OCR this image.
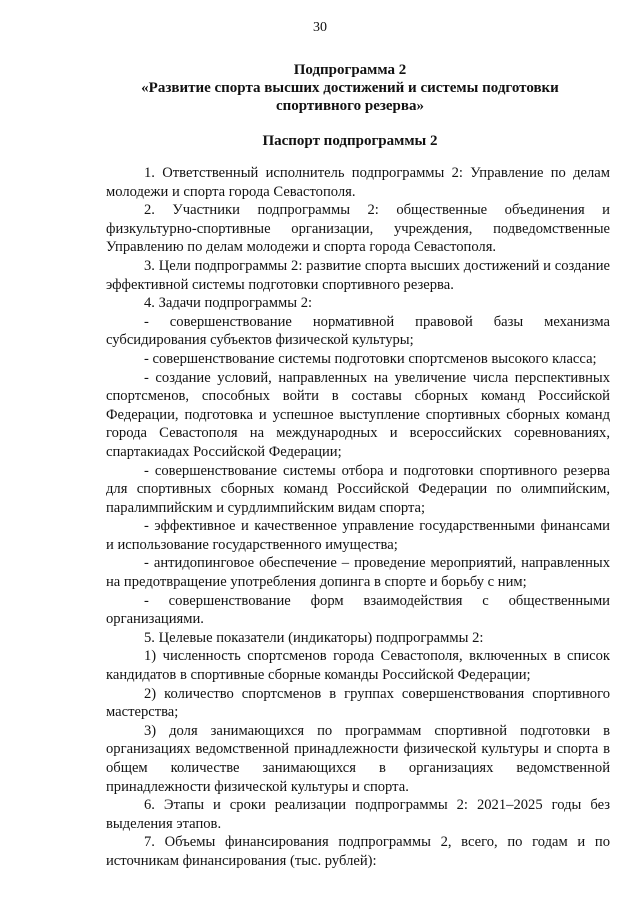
30
Подпрограмма 2
«Развитие спорта высших достижений и системы подготовки
спортивного резерва»
Паспорт подпрограммы 2

1. Ответственный исполнитель подпрограммы 2: Управление по делам молодежи и спорта города Севастополя.

2. Участники подпрограммы 2: общественные объединения и физкультурно-спортивные организации, учреждения, подведомственные Управлению по делам молодежи и спорта города Севастополя.

3. Цели подпрограммы 2: развитие спорта высших достижений и создание эффективной системы подготовки спортивного резерва.

4. Задачи подпрограммы 2:

- совершенствование нормативной правовой базы механизма субсидирования субъектов физической культуры;

- совершенствование системы подготовки спортсменов высокого класса;

- создание условий, направленных на увеличение числа перспективных спортсменов, способных войти в составы сборных команд Российской Федерации, подготовка и успешное выступление спортивных сборных команд города Севастополя на международных и всероссийских соревнованиях, спартакиадах Российской Федерации;

- совершенствование системы отбора и подготовки спортивного резерва для спортивных сборных команд Российской Федерации по олимпийским, паралимпийским и сурдлимпийским видам спорта;

- эффективное и качественное управление государственными финансами и использование государственного имущества;

- антидопинговое обеспечение – проведение мероприятий, направленных на предотвращение употребления допинга в спорте и борьбу с ним;

- совершенствование форм взаимодействия с общественными организациями.

5. Целевые показатели (индикаторы) подпрограммы 2:

1) численность спортсменов города Севастополя, включенных в список кандидатов в спортивные сборные команды Российской Федерации;

2) количество спортсменов в группах совершенствования спортивного мастерства;

3) доля занимающихся по программам спортивной подготовки в организациях ведомственной принадлежности физической культуры и спорта в общем количестве занимающихся в организациях ведомственной принадлежности физической культуры и спорта.

6. Этапы и сроки реализации подпрограммы 2: 2021–2025 годы без выделения этапов.

7. Объемы финансирования подпрограммы 2, всего, по годам и по источникам финансирования (тыс. рублей):
